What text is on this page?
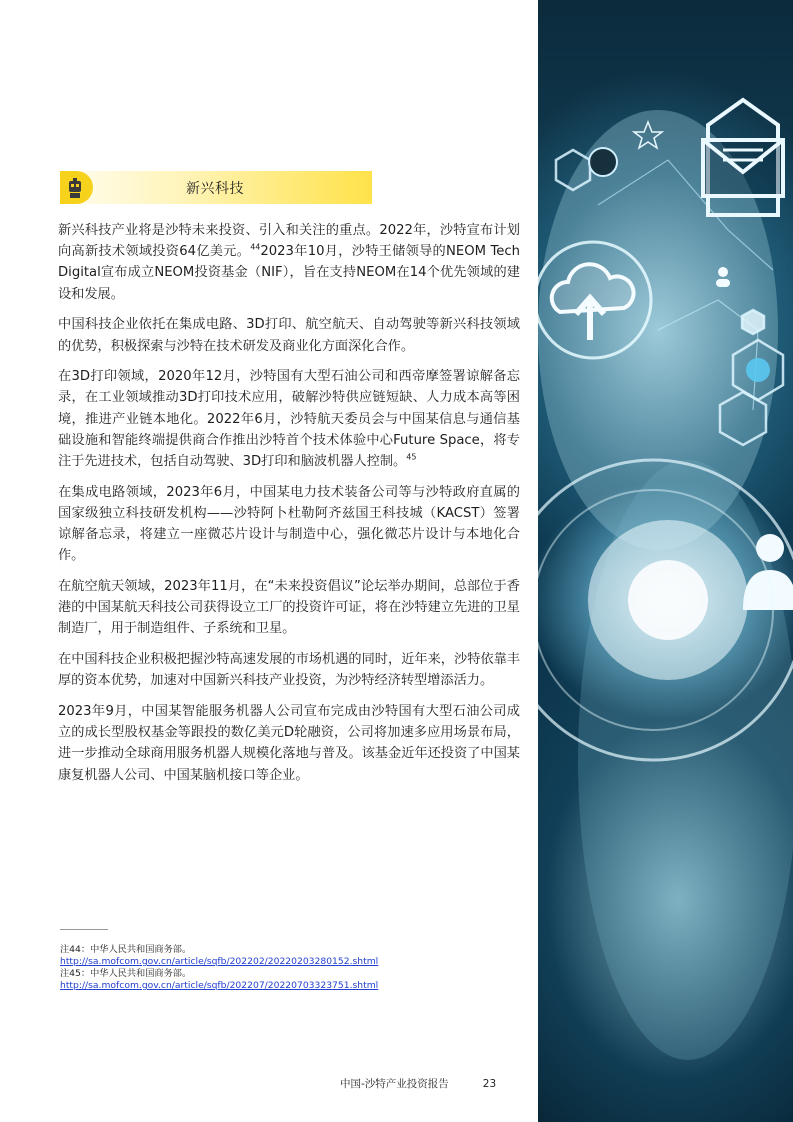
新兴科技

新兴科技产业将是沙特未来投资、引入和关注的重点。2022年，沙特宣布计划向高新技术领域投资64亿美元。$^{44}$2023年10月，沙特王储领导的NEOM Tech Digital宣布成立NEOM投资基金（NIF），旨在支持NEOM在14个优先领域的建设和发展。

中国科技企业依托在集成电路、3D打印、航空航天、自动驾驶等新兴科技领域的优势，积极探索与沙特在技术研发及商业化方面深化合作。

在3D打印领域，2020年12月，沙特国有大型石油公司和西帝摩签署谅解备忘录，在工业领域推动3D打印技术应用，破解沙特供应链短缺、人力成本高等困境，推进产业链本地化。2022年6月，沙特航天委员会与中国某信息与通信基础设施和智能终端提供商合作推出沙特首个技术体验中心Future Space，将专注于先进技术，包括自动驾驶、3D打印和脑波机器人控制。$^{45}$

在集成电路领域，2023年6月，中国某电力技术装备公司等与沙特政府直属的国家级独立科技研发机构——沙特阿卜杜勒阿齐兹国王科技城（KACST）签署谅解备忘录，将建立一座微芯片设计与制造中心，强化微芯片设计与本地化合作。

在航空航天领域，2023年11月，在“未来投资倡议”论坛举办期间，总部位于香港的中国某航天科技公司获得设立工厂的投资许可证，将在沙特建立先进的卫星制造厂，用于制造组件、子系统和卫星。

在中国科技企业积极把握沙特高速发展的市场机遇的同时，近年来，沙特依靠丰厚的资本优势，加速对中国新兴科技产业投资，为沙特经济转型增添活力。

2023年9月，中国某智能服务机器人公司宣布完成由沙特国有大型石油公司成立的成长型股权基金等跟投的数亿美元D轮融资，公司将加速多应用场景布局，进一步推动全球商用服务机器人规模化落地与普及。该基金近年还投资了中国某康复机器人公司、中国某脑机接口等企业。

注44：中华人民共和国商务部。
http://sa.mofcom.gov.cn/article/sqfb/202202/20220203280152.shtml
注45：中华人民共和国商务部。
http://sa.mofcom.gov.cn/article/sqfb/202207/20220703323751.shtml
中国-沙特产业投资报告	23
